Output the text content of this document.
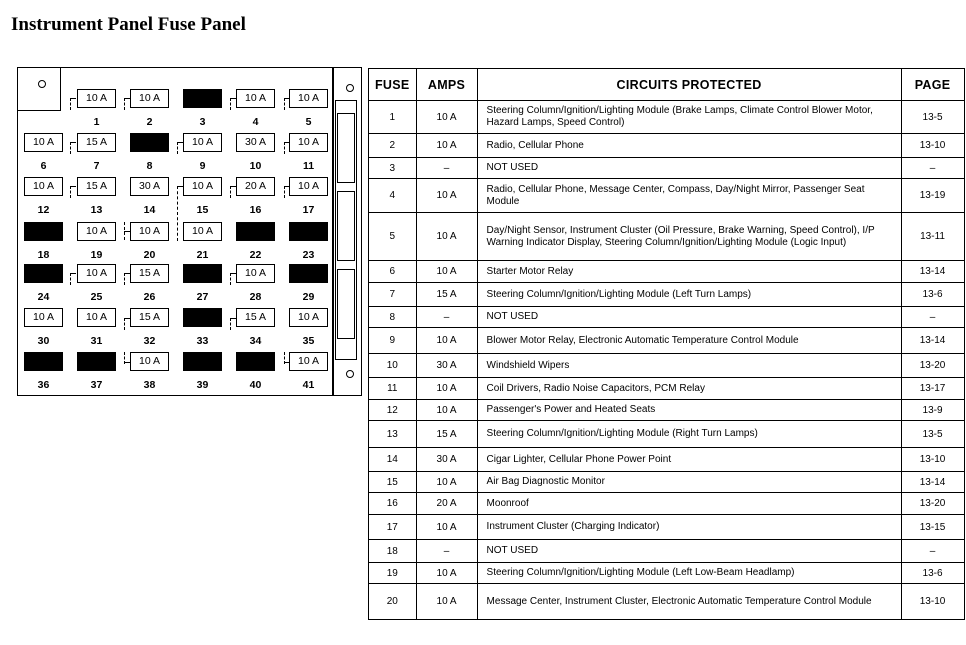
Instrument Panel Fuse Panel
10 A
1
10 A
2	3
10 A
4
10 A
5
10 A
6
15 A
7	8
10 A
9
30 A
10
10 A
11
10 A
12
15 A
13
30 A
14
10 A
15
20 A
16
10 A
17
18
10 A
19
10 A
20
10 A
21	22	23
24
10 A
25
15 A
26	27
10 A
28	29
10 A
30
10 A
31
15 A
32	33
15 A
34
10 A
35
36	37
10 A
38	39	40
10 A
41
FUSE	AMPS	CIRCUITS PROTECTED	PAGE
1	10 A	Steering Column/Ignition/Lighting Module (Brake Lamps, Climate Control Blower Motor, Hazard Lamps, Speed Control)	13-5
2	10 A	Radio, Cellular Phone	13-10
3	–	NOT USED	–
4	10 A	Radio, Cellular Phone, Message Center, Compass, Day/Night Mirror, Passenger Seat Module	13-19
5	10 A	Day/Night Sensor, Instrument Cluster (Oil Pressure, Brake Warning, Speed Control), I/P Warning Indicator Display, Steering Column/Ignition/Lighting Module (Logic Input)	13-11
6	10 A	Starter Motor Relay	13-14
7	15 A	Steering Column/Ignition/Lighting Module (Left Turn Lamps)	13-6
8	–	NOT USED	–
9	10 A	Blower Motor Relay, Electronic Automatic Temperature Control Module	13-14
10	30 A	Windshield Wipers	13-20
11	10 A	Coil Drivers, Radio Noise Capacitors, PCM Relay	13-17
12	10 A	Passenger's Power and Heated Seats	13-9
13	15 A	Steering Column/Ignition/Lighting Module (Right Turn Lamps)	13-5
14	30 A	Cigar Lighter, Cellular Phone Power Point	13-10
15	10 A	Air Bag Diagnostic Monitor	13-14
16	20 A	Moonroof	13-20
17	10 A	Instrument Cluster (Charging Indicator)	13-15
18	–	NOT USED	–
19	10 A	Steering Column/Ignition/Lighting Module (Left Low-Beam Headlamp)	13-6
20	10 A	Message Center, Instrument Cluster, Electronic Automatic Temperature Control Module	13-10
